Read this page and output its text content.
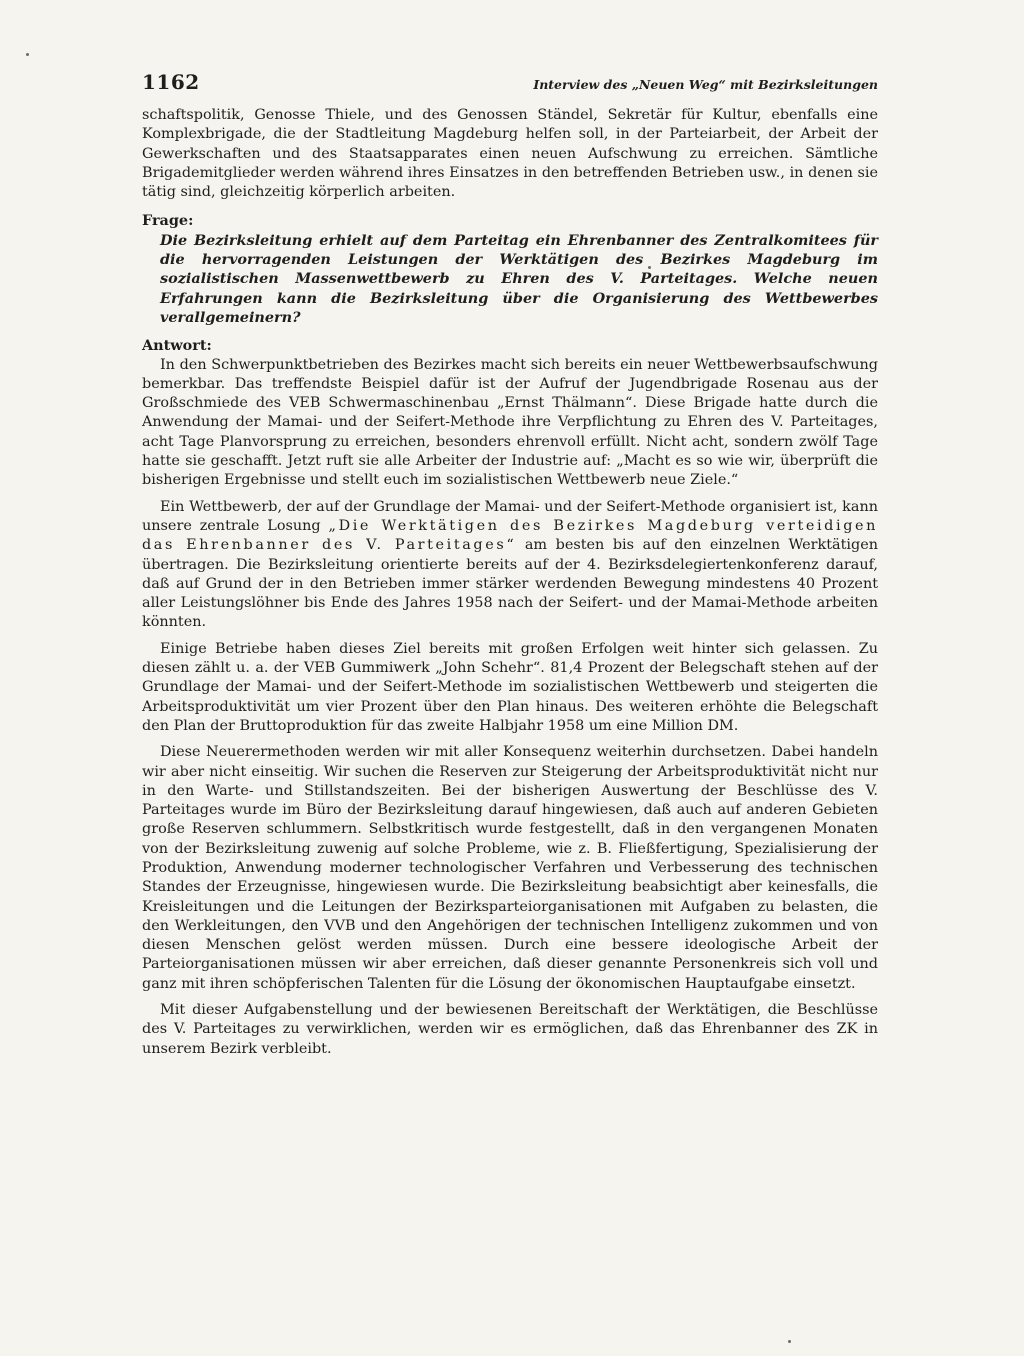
1162	Interview des „Neuen Weg“ mit Bezirksleitungen

schaftspolitik, Genosse Thiele, und des Genossen Ständel, Sekretär für Kultur, ebenfalls eine Komplexbrigade, die der Stadtleitung Magdeburg helfen soll, in der Parteiarbeit, der Arbeit der Gewerkschaften und des Staatsapparates einen neuen Aufschwung zu erreichen. Sämtliche Brigademitglieder werden während ihres Einsatzes in den betreffenden Betrieben usw., in denen sie tätig sind, gleichzeitig körperlich arbeiten.

Frage:

Die Bezirksleitung erhielt auf dem Parteitag ein Ehrenbanner des Zentralkomitees für die hervorragenden Leistungen der Werktätigen des Bezirkes Magdeburg im sozialistischen Massenwettbewerb zu Ehren des V. Parteitages. Welche neuen Erfahrungen kann die Bezirksleitung über die Organisierung des Wettbewerbes verallgemeinern?

Antwort:

In den Schwerpunktbetrieben des Bezirkes macht sich bereits ein neuer Wettbewerbsaufschwung bemerkbar. Das treffendste Beispiel dafür ist der Aufruf der Jugendbrigade Rosenau aus der Großschmiede des VEB Schwermaschinenbau „Ernst Thälmann“. Diese Brigade hatte durch die Anwendung der Mamai- und der Seifert-Methode ihre Verpflichtung zu Ehren des V. Parteitages, acht Tage Planvorsprung zu erreichen, besonders ehrenvoll erfüllt. Nicht acht, sondern zwölf Tage hatte sie geschafft. Jetzt ruft sie alle Arbeiter der Industrie auf: „Macht es so wie wir, überprüft die bisherigen Ergebnisse und stellt euch im sozialistischen Wettbewerb neue Ziele.“

Ein Wettbewerb, der auf der Grundlage der Mamai- und der Seifert-Methode organisiert ist, kann unsere zentrale Losung „Die Werktätigen des Bezirkes Magdeburg verteidigen das Ehrenbanner des V. Parteitages“ am besten bis auf den einzelnen Werktätigen übertragen. Die Bezirksleitung orientierte bereits auf der 4. Bezirksdelegiertenkonferenz darauf, daß auf Grund der in den Betrieben immer stärker werdenden Bewegung mindestens 40 Prozent aller Leistungslöhner bis Ende des Jahres 1958 nach der Seifert- und der Mamai-Methode arbeiten könnten.

Einige Betriebe haben dieses Ziel bereits mit großen Erfolgen weit hinter sich gelassen. Zu diesen zählt u. a. der VEB Gummiwerk „John Schehr“. 81,4 Prozent der Belegschaft stehen auf der Grundlage der Mamai- und der Seifert-Methode im sozialistischen Wettbewerb und steigerten die Arbeitsproduktivität um vier Prozent über den Plan hinaus. Des weiteren erhöhte die Belegschaft den Plan der Bruttoproduktion für das zweite Halbjahr 1958 um eine Million DM.

Diese Neuerermethoden werden wir mit aller Konsequenz weiterhin durchsetzen. Dabei handeln wir aber nicht einseitig. Wir suchen die Reserven zur Steigerung der Arbeitsproduktivität nicht nur in den Warte- und Stillstandszeiten. Bei der bisherigen Auswertung der Beschlüsse des V. Parteitages wurde im Büro der Bezirksleitung darauf hingewiesen, daß auch auf anderen Gebieten große Reserven schlummern. Selbstkritisch wurde festgestellt, daß in den vergangenen Monaten von der Bezirksleitung zuwenig auf solche Probleme, wie z. B. Fließfertigung, Spezialisierung der Produktion, Anwendung moderner technologischer Verfahren und Verbesserung des technischen Standes der Erzeugnisse, hingewiesen wurde. Die Bezirksleitung beabsichtigt aber keinesfalls, die Kreisleitungen und die Leitungen der Bezirksparteiorganisationen mit Aufgaben zu belasten, die den Werkleitungen, den VVB und den Angehörigen der technischen Intelligenz zukommen und von diesen Menschen gelöst werden müssen. Durch eine bessere ideologische Arbeit der Parteiorganisationen müssen wir aber erreichen, daß dieser genannte Personenkreis sich voll und ganz mit ihren schöpferischen Talenten für die Lösung der ökonomischen Hauptaufgabe einsetzt.

Mit dieser Aufgabenstellung und der bewiesenen Bereitschaft der Werktätigen, die Beschlüsse des V. Parteitages zu verwirklichen, werden wir es ermöglichen, daß das Ehrenbanner des ZK in unserem Bezirk verbleibt.
